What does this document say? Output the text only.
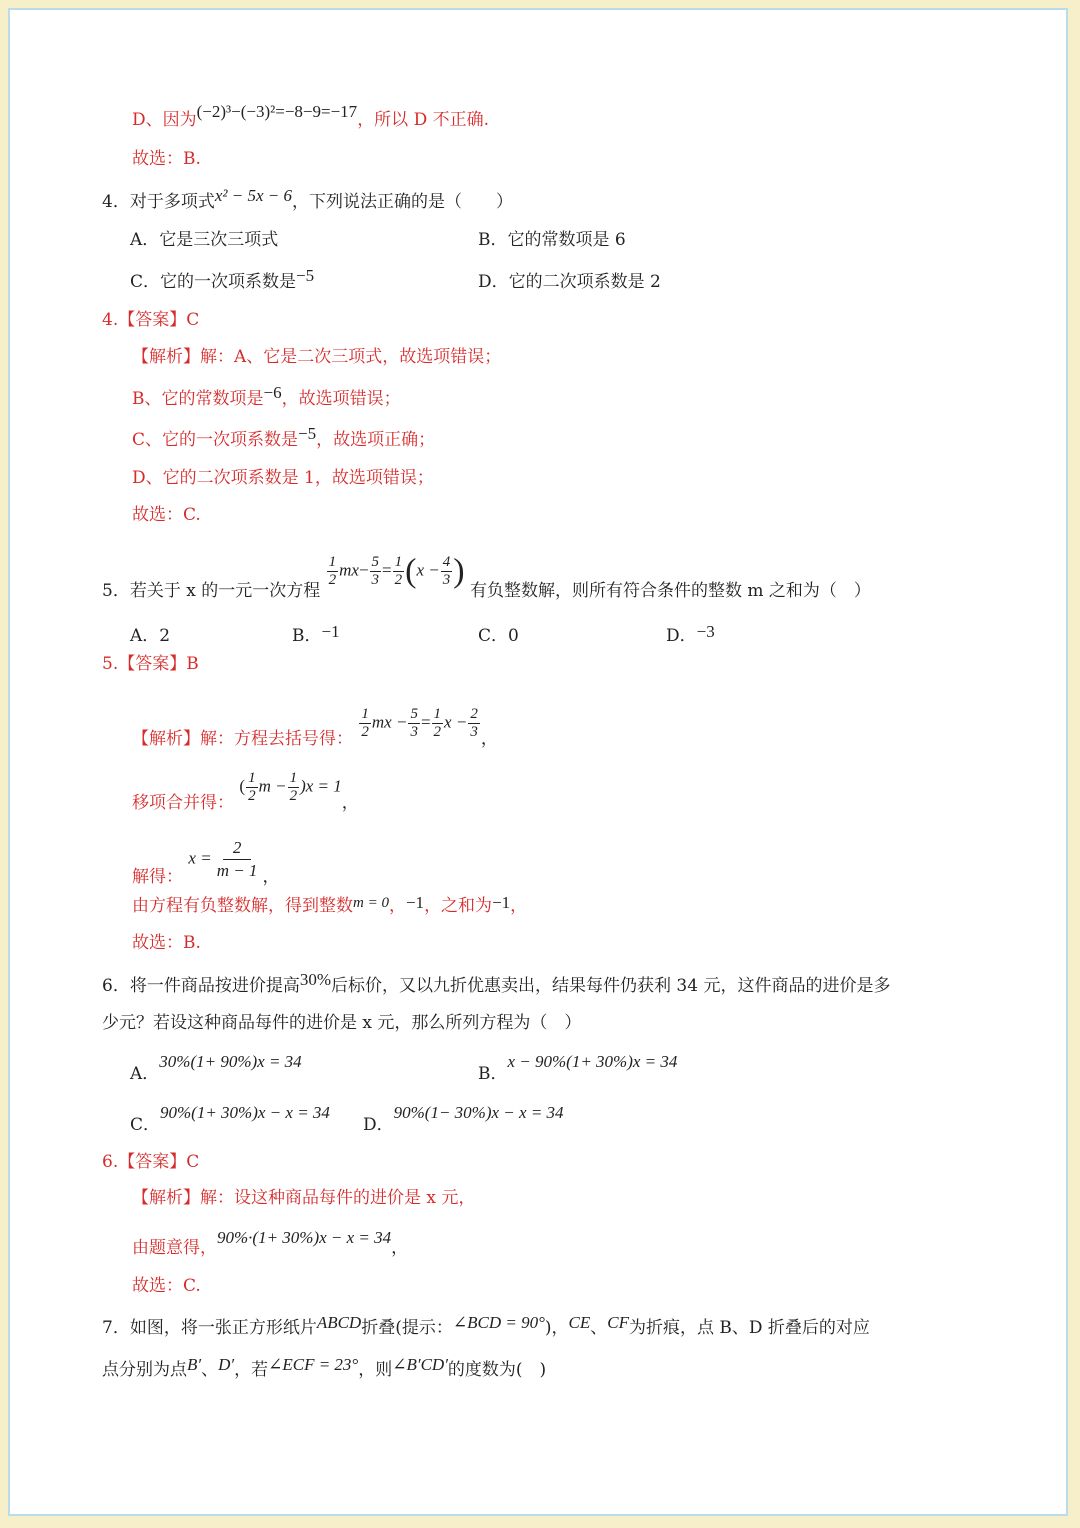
D、因为(−2)³−(−3)²=−8−9=−17，所以 D 不正确.
故选：B.
4．对于多项式x² − 5x − 6，下列说法正确的是（　　）
A．它是三次三项式	B．它的常数项是 6
C．它的一次项系数是−5	D．它的二次项系数是 2
4.【答案】C
【解析】解：A、它是二次三项式，故选项错误；
B、它的常数项是−6，故选项错误；
C、它的一次项系数是−5，故选项正确；
D、它的二次项系数是 1，故选项错误；
故选：C.
5．若关于 x 的一元一次方程
$\frac{1}{2} mx- \frac{5}{3} = \frac{1}{2} (x - \frac{4}{3}$ ) 有负整数解，则所有符合条件的整数 m 之和为（　）
A．2	B．−1	C．0	D．−3
5.【答案】B
【解析】解：方程去括号得： $\frac{1}{2}$ mx − $\frac{5}{3} = \frac{1}{2}$ $x - \frac{2}{3}$ ，
移项合并得： ( $\frac{1}{2}$ $m - \frac{1}{2} )x = 1$，
解得： $x = \frac{2}{m - 1}$ ，
由方程有负整数解，得到整数m = 0，−1，之和为−1，
故选：B.
6．将一件商品按进价提高30%后标价，又以九折优惠卖出，结果每件仍获利 34 元，这件商品的进价是多
少元？若设这种商品每件的进价是 x 元，那么所列方程为（　）
A．30%(1+ 90%)x = 34
B．x − 90%(1+ 30%)x = 34
C．90%(1+ 30%)x − x = 34
D．90%(1− 30%)x − x = 34
6.【答案】C
【解析】解：设这种商品每件的进价是 x 元，
由题意得，90%·(1+ 30%)x − x = 34，
故选：C.
7．如图，将一张正方形纸片ABCD折叠(提示：∠BCD = 90°)，CE、CF为折痕，点 B、D 折叠后的对应
点分别为点B′、D′，若∠ECF = 23°，则∠B′CD′的度数为(　)
